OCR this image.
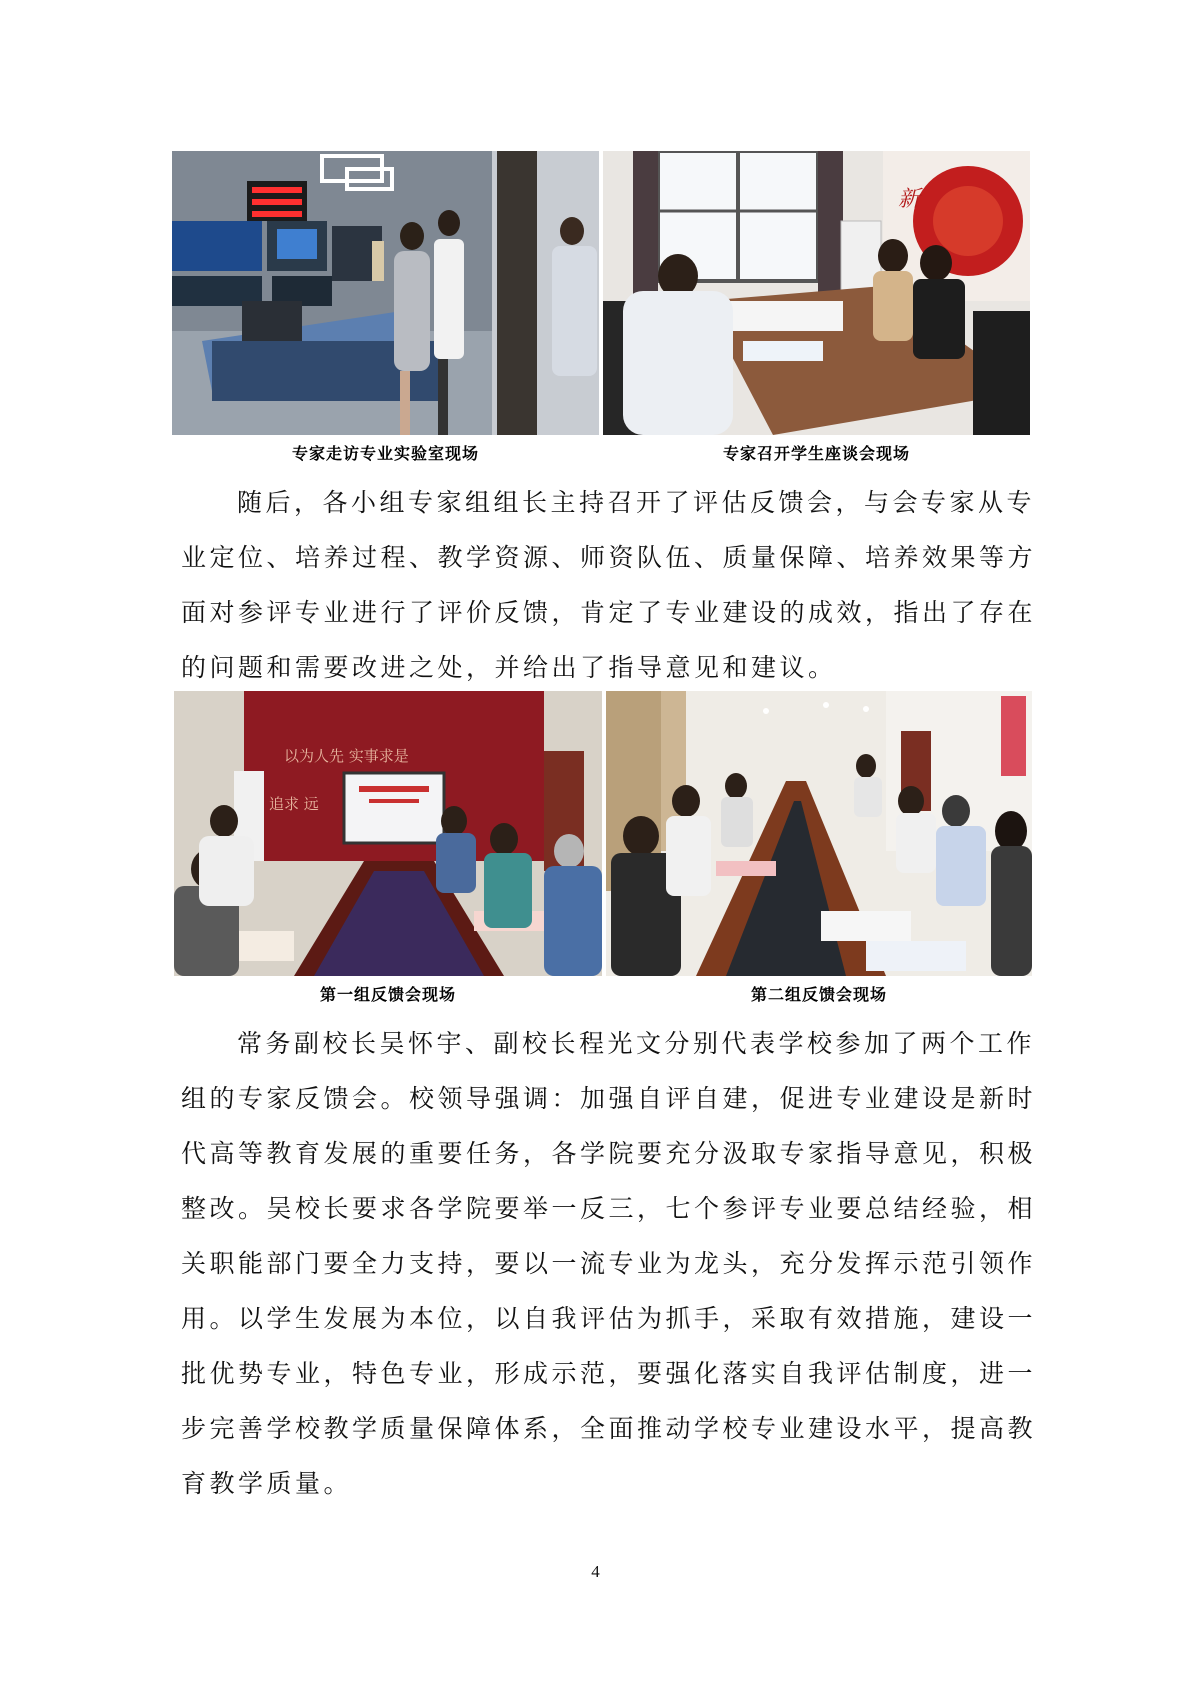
专家走访专业实验室现场
新
专家召开学生座谈会现场
随后，各小组专家组组长主持召开了评估反馈会，与会专家从专
业定位、培养过程、教学资源、师资队伍、质量保障、培养效果等方
面对参评专业进行了评价反馈，肯定了专业建设的成效，指出了存在
的问题和需要改进之处，并给出了指导意见和建议。
以为人先 实事求是
追求 远
第一组反馈会现场	第二组反馈会现场
常务副校长吴怀宇、副校长程光文分别代表学校参加了两个工作
组的专家反馈会。校领导强调：加强自评自建，促进专业建设是新时
代高等教育发展的重要任务，各学院要充分汲取专家指导意见，积极
整改。吴校长要求各学院要举一反三，七个参评专业要总结经验，相
关职能部门要全力支持，要以一流专业为龙头，充分发挥示范引领作
用。以学生发展为本位，以自我评估为抓手，采取有效措施，建设一
批优势专业，特色专业，形成示范，要强化落实自我评估制度，进一
步完善学校教学质量保障体系，全面推动学校专业建设水平，提高教
育教学质量。
4
